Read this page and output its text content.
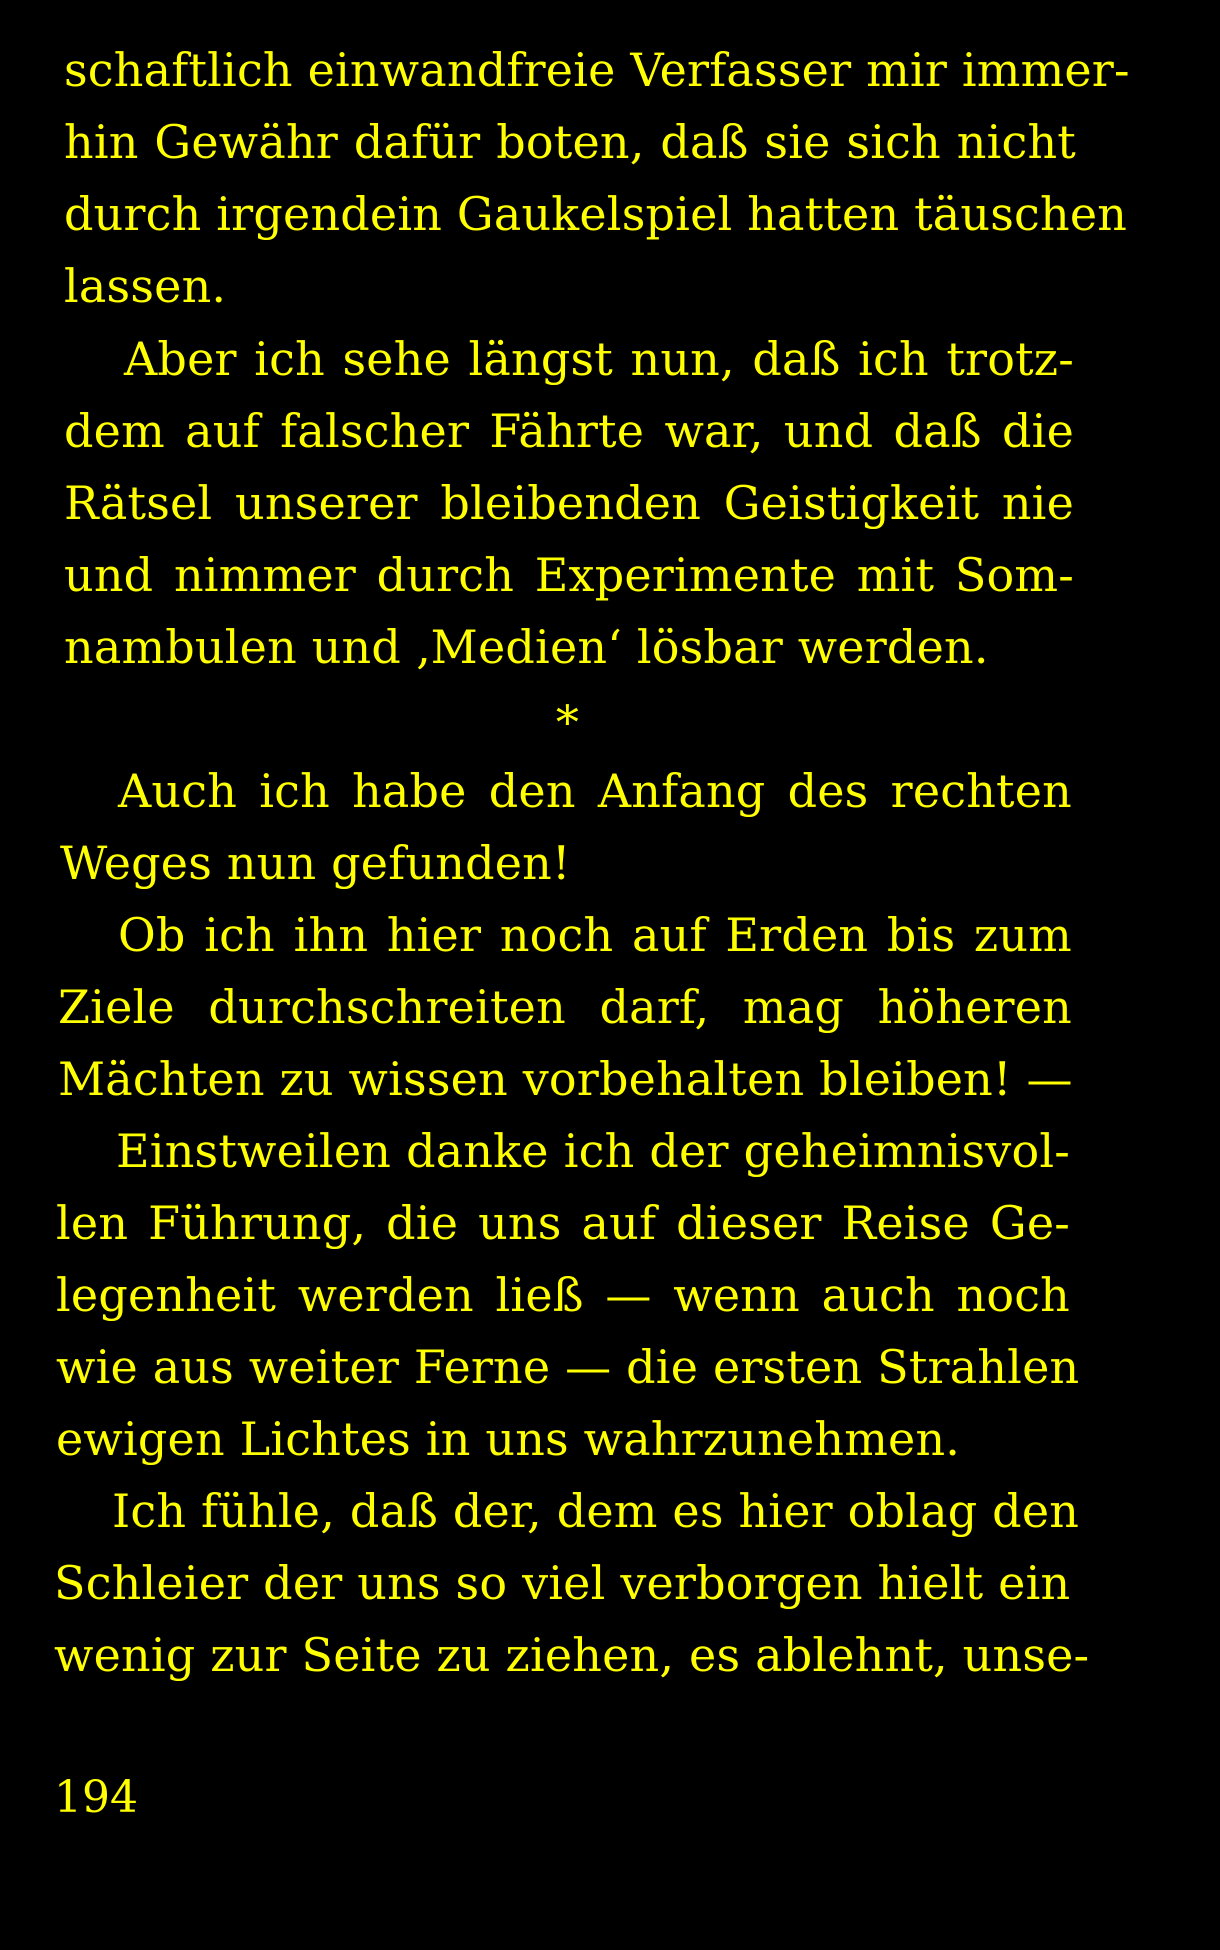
schaftlich einwandfreie Verfasser mir immer-
hin Gewähr dafür boten, daß sie sich nicht
durch irgendein Gaukelspiel hatten täuschen
lassen.
Aber ich sehe längst nun, daß ich trotz-
dem auf falscher Fährte war, und daß die
Rätsel unserer bleibenden Geistigkeit nie
und nimmer durch Experimente mit Som-
nambulen und ‚Medien‘ lösbar werden.
*
Auch ich habe den Anfang des rechten
Weges nun gefunden!
Ob ich ihn hier noch auf Erden bis zum
Ziele durchschreiten darf, mag höheren
Mächten zu wissen vorbehalten bleiben! —
Einstweilen danke ich der geheimnisvol-
len Führung, die uns auf dieser Reise Ge-
legenheit werden ließ — wenn auch noch
wie aus weiter Ferne — die ersten Strahlen
ewigen Lichtes in uns wahrzunehmen.
Ich fühle, daß der, dem es hier oblag den
Schleier der uns so viel verborgen hielt ein
wenig zur Seite zu ziehen, es ablehnt, unse-
194
